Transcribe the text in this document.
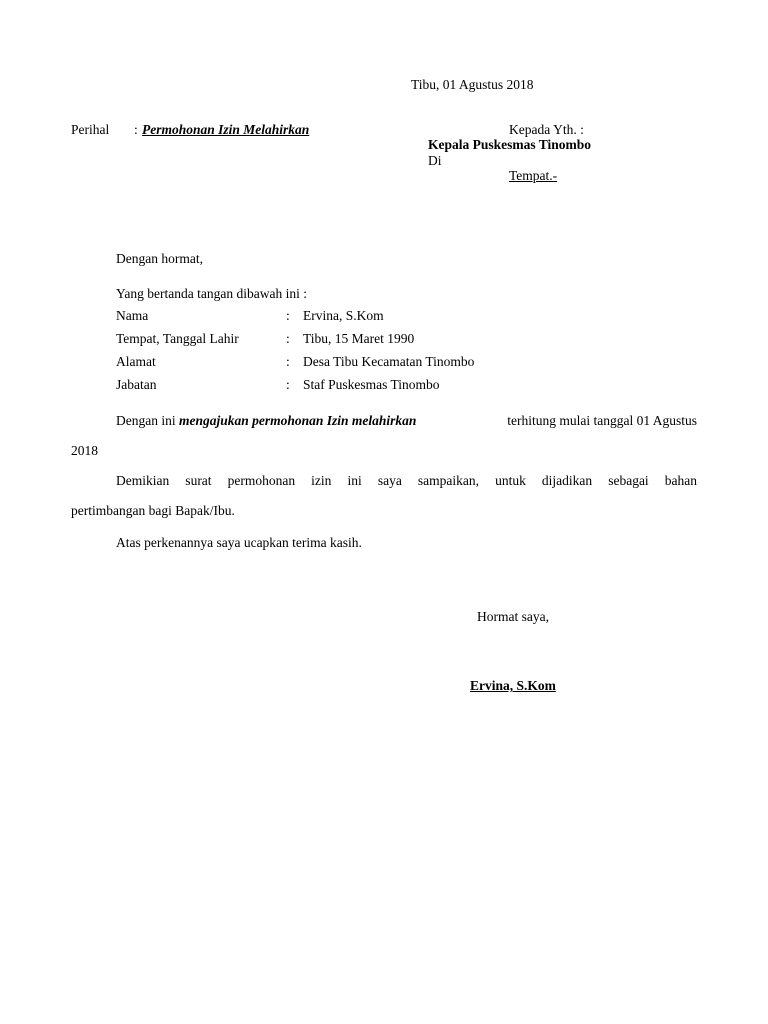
Tibu, 01 Agustus 2018
Perihal : Permohonan Izin Melahirkan	Kepada Yth. :
Kepala Puskesmas Tinombo
Di
Tempat.-
Dengan hormat,
Yang bertanda tangan dibawah ini :
Nama	: Ervina, S.Kom
Tempat, Tanggal Lahir	: Tibu, 15 Maret 1990
Alamat	: Desa Tibu Kecamatan Tinombo
Jabatan	: Staf Puskesmas Tinombo
Dengan ini mengajukan permohonan Izin melahirkan	terhitung mulai tanggal 01 Agustus
2018
Demikian surat permohonan izin ini saya sampaikan, untuk dijadikan sebagai bahan
pertimbangan bagi Bapak/Ibu.
Atas perkenannya saya ucapkan terima kasih.
Hormat saya,
Ervina, S.Kom
